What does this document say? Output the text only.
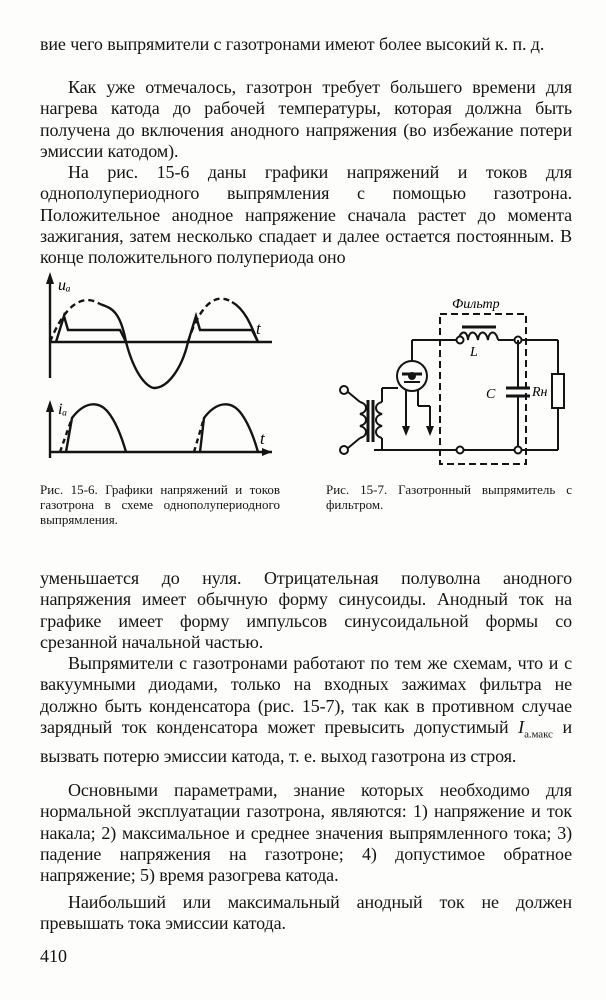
вие чего выпрямители с газотронами имеют более высокий к. п. д.
Как уже отмечалось, газотрон требует большего времени для нагрева катода до рабочей температуры, которая должна быть получена до включения анодного напряжения (во избежание потери эмиссии катодом).
На рис. 15-6 даны графики напряжений и токов для однополупериодного выпрямления с помощью газотрона. Положительное анодное напряжение сначала растет до момента зажигания, затем несколько спадает и далее остается постоянным. В конце положительного полупериода оно
uₐ
t
iₐ
t
Фильтр
L
C	Rн
Рис. 15-6. Графики напряжений и токов газотрона в схеме однополупериодного выпрямления.
Рис. 15-7. Газотронный выпрямитель с фильтром.
уменьшается до нуля. Отрицательная полуволна анодного напряжения имеет обычную форму синусоиды. Анодный ток на графике имеет форму импульсов синусоидальной формы со срезанной начальной частью.
Выпрямители с газотронами работают по тем же схемам, что и с вакуумными диодами, только на входных зажимах фильтра не должно быть конденсатора (рис. 15-7), так как в противном случае зарядный ток конденсатора может превысить допустимый $I_{а.макс}$ и вызвать потерю эмиссии катода, т. е. выход газотрона из строя.
Основными параметрами, знание которых необходимо для нормальной эксплуатации газотрона, являются: 1) напряжение и ток накала; 2) максимальное и среднее значения выпрямленного тока; 3) падение напряжения на газотроне; 4) допустимое обратное напряжение; 5) время разогрева катода.
Наибольший или максимальный анодный ток не должен превышать тока эмиссии катода.
410
